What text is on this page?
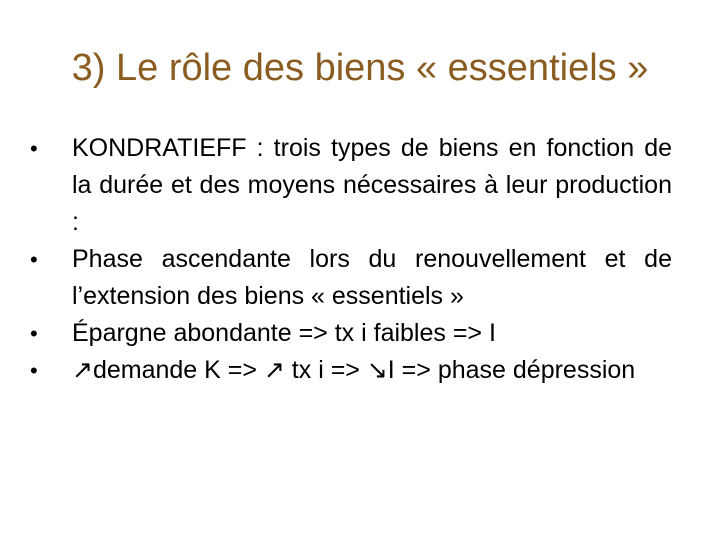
3) Le rôle des biens « essentiels »
•	KONDRATIEFF : trois types de biens en fonction de la durée et des moyens nécessaires à leur production :
•	Phase ascendante lors du renouvellement et de l’extension des biens « essentiels »
•	Épargne abondante => tx i faibles => I
•	↗demande K => ↗ tx i => ↘I => phase dépression
